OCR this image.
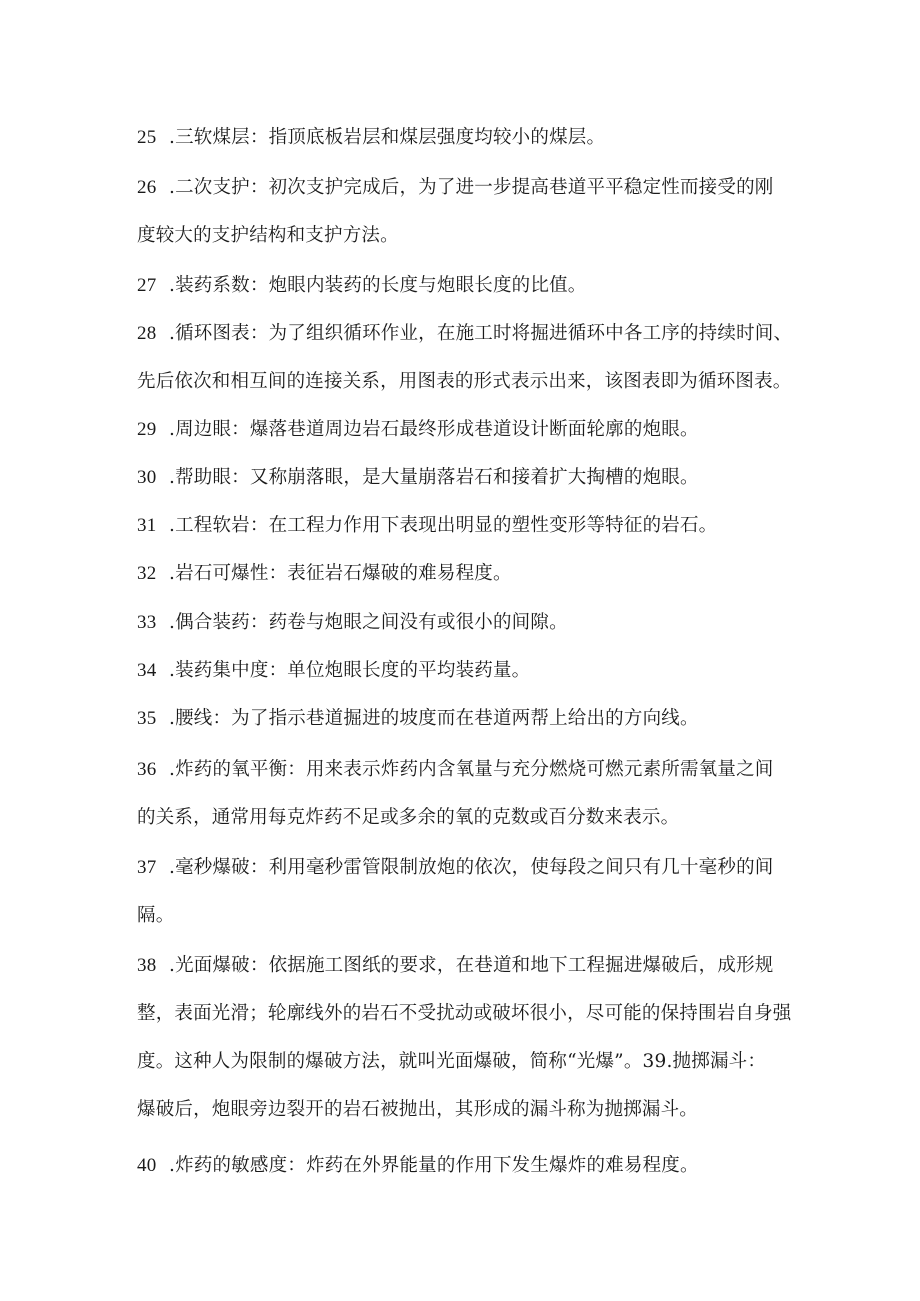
25 .三软煤层：指顶底板岩层和煤层强度均较小的煤层。
26 .二次支护：初次支护完成后，为了进一步提高巷道平平稳定性而接受的刚
度较大的支护结构和支护方法。
27 .装药系数：炮眼内装药的长度与炮眼长度的比值。
28 .循环图表：为了组织循环作业，在施工时将掘进循环中各工序的持续时间、
先后依次和相互间的连接关系，用图表的形式表示出来，该图表即为循环图表。
29 .周边眼：爆落巷道周边岩石最终形成巷道设计断面轮廓的炮眼。
30 .帮助眼：又称崩落眼，是大量崩落岩石和接着扩大掏槽的炮眼。
31 .工程软岩：在工程力作用下表现出明显的塑性变形等特征的岩石。
32 .岩石可爆性：表征岩石爆破的难易程度。
33 .偶合装药：药卷与炮眼之间没有或很小的间隙。
34 .装药集中度：单位炮眼长度的平均装药量。
35 .腰线：为了指示巷道掘进的坡度而在巷道两帮上给出的方向线。
36 .炸药的氧平衡：用来表示炸药内含氧量与充分燃烧可燃元素所需氧量之间
的关系，通常用每克炸药不足或多余的氧的克数或百分数来表示。
37 .毫秒爆破：利用毫秒雷管限制放炮的依次，使每段之间只有几十毫秒的间
隔。
38 .光面爆破：依据施工图纸的要求，在巷道和地下工程掘进爆破后，成形规
整，表面光滑；轮廓线外的岩石不受扰动或破坏很小，尽可能的保持围岩自身强
度。这种人为限制的爆破方法，就叫光面爆破，简称“光爆”。39.抛掷漏斗：
爆破后，炮眼旁边裂开的岩石被抛出，其形成的漏斗称为抛掷漏斗。
40 .炸药的敏感度：炸药在外界能量的作用下发生爆炸的难易程度。
